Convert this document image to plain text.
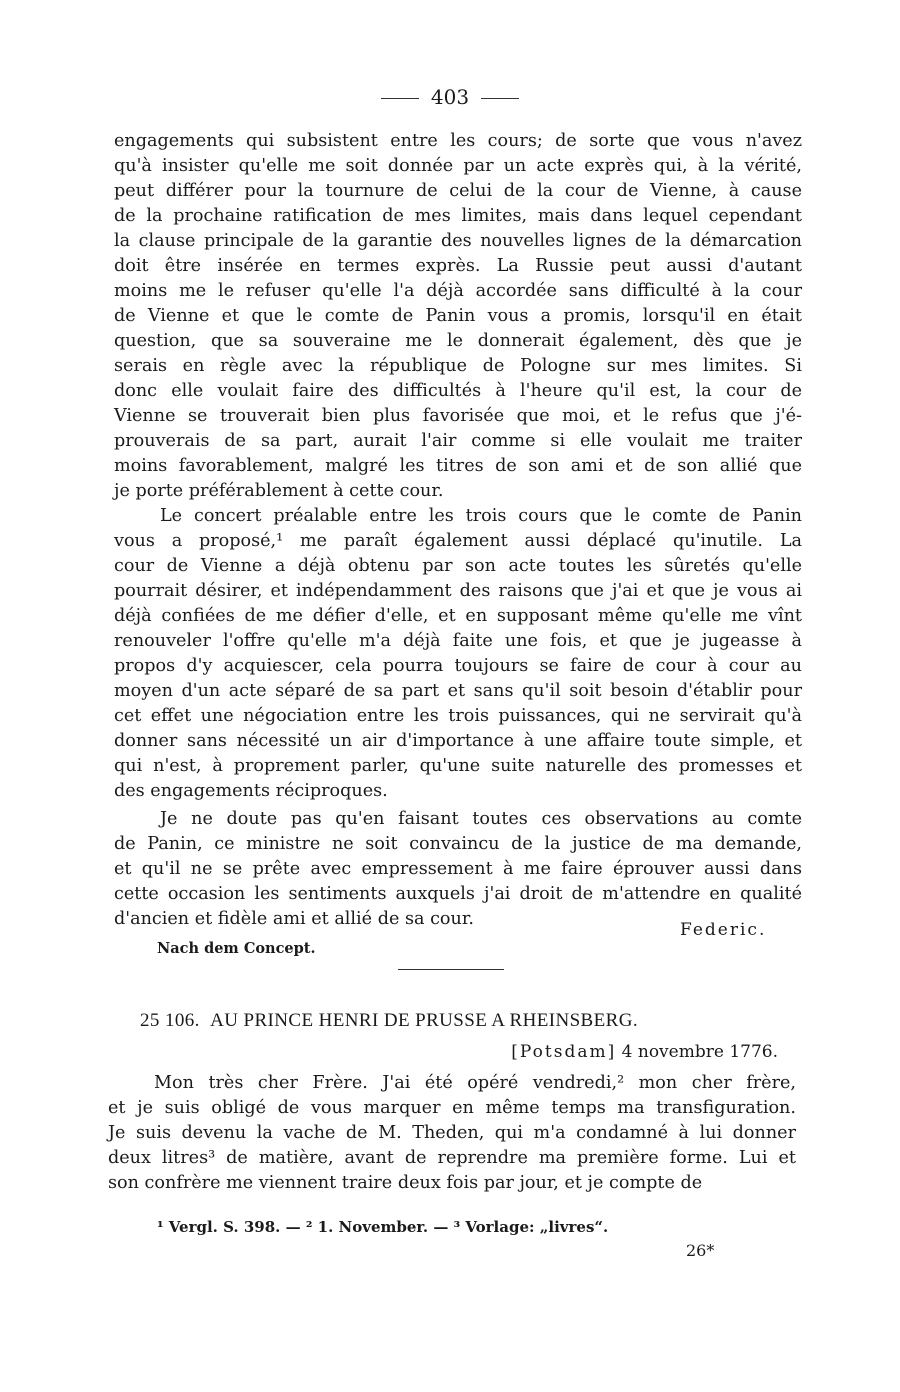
403
engagements qui subsistent entre les cours; de sorte que vous n'avez
qu'à insister qu'elle me soit donnée par un acte exprès qui, à la vérité,
peut différer pour la tournure de celui de la cour de Vienne, à cause
de la prochaine ratification de mes limites, mais dans lequel cependant
la clause principale de la garantie des nouvelles lignes de la démarcation
doit être insérée en termes exprès. La Russie peut aussi d'autant
moins me le refuser qu'elle l'a déjà accordée sans difficulté à la cour
de Vienne et que le comte de Panin vous a promis, lorsqu'il en était
question, que sa souveraine me le donnerait également, dès que je
serais en règle avec la république de Pologne sur mes limites. Si
donc elle voulait faire des difficultés à l'heure qu'il est, la cour de
Vienne se trouverait bien plus favorisée que moi, et le refus que j'é-
prouverais de sa part, aurait l'air comme si elle voulait me traiter
moins favorablement, malgré les titres de son ami et de son allié que
je porte préférablement à cette cour.
Le concert préalable entre les trois cours que le comte de Panin
vous a proposé,¹ me paraît également aussi déplacé qu'inutile. La
cour de Vienne a déjà obtenu par son acte toutes les sûretés qu'elle
pourrait désirer, et indépendamment des raisons que j'ai et que je vous ai
déjà confiées de me défier d'elle, et en supposant même qu'elle me vînt
renouveler l'offre qu'elle m'a déjà faite une fois, et que je jugeasse à
propos d'y acquiescer, cela pourra toujours se faire de cour à cour au
moyen d'un acte séparé de sa part et sans qu'il soit besoin d'établir pour
cet effet une négociation entre les trois puissances, qui ne servirait qu'à
donner sans nécessité un air d'importance à une affaire toute simple, et
qui n'est, à proprement parler, qu'une suite naturelle des promesses et
des engagements réciproques.
Je ne doute pas qu'en faisant toutes ces observations au comte
de Panin, ce ministre ne soit convaincu de la justice de ma demande,
et qu'il ne se prête avec empressement à me faire éprouver aussi dans
cette occasion les sentiments auxquels j'ai droit de m'attendre en qualité
d'ancien et fidèle ami et allié de sa cour.
Federic.
Nach dem Concept.
25 106. AU PRINCE HENRI DE PRUSSE A RHEINSBERG.
[Potsdam] 4 novembre 1776.
Mon très cher Frère. J'ai été opéré vendredi,² mon cher frère,
et je suis obligé de vous marquer en même temps ma transfiguration.
Je suis devenu la vache de M. Theden, qui m'a condamné à lui donner
deux litres³ de matière, avant de reprendre ma première forme. Lui et
son confrère me viennent traire deux fois par jour, et je compte de
¹ Vergl. S. 398. — ² 1. November. — ³ Vorlage: „livres“.
26*
